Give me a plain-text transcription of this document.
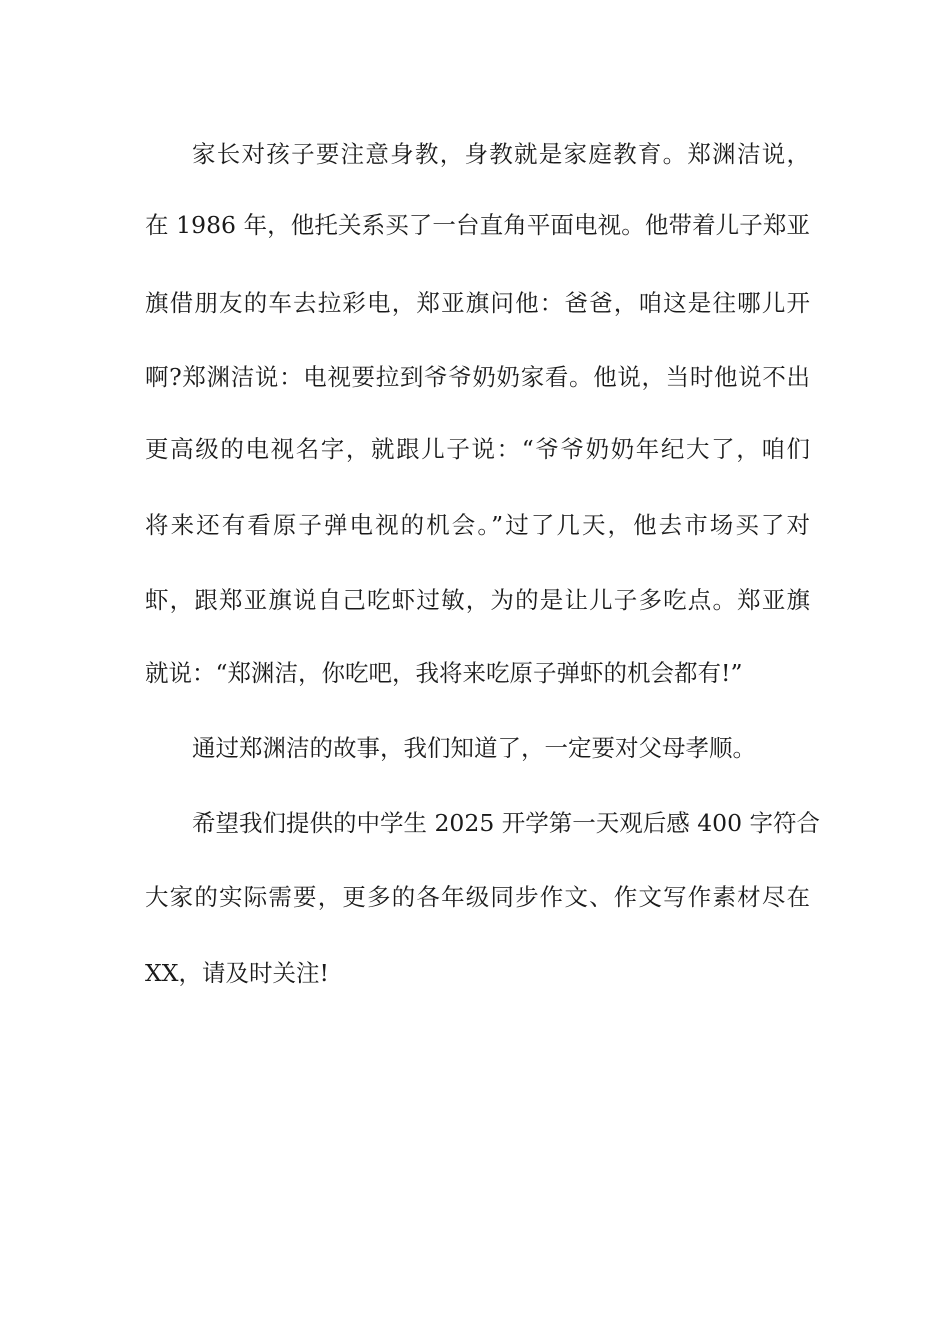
家长对孩子要注意身教，身教就是家庭教育。郑渊洁说，
在 1986 年，他托关系买了一台直角平面电视。他带着儿子郑亚
旗借朋友的车去拉彩电，郑亚旗问他：爸爸，咱这是往哪儿开
啊?郑渊洁说：电视要拉到爷爷奶奶家看。他说，当时他说不出
更高级的电视名字，就跟儿子说：“爷爷奶奶年纪大了，咱们
将来还有看原子弹电视的机会。”过了几天，他去市场买了对
虾，跟郑亚旗说自己吃虾过敏，为的是让儿子多吃点。郑亚旗
就说：“郑渊洁，你吃吧，我将来吃原子弹虾的机会都有!”
通过郑渊洁的故事，我们知道了，一定要对父母孝顺。
希望我们提供的中学生 2025 开学第一天观后感 400 字符合
大家的实际需要，更多的各年级同步作文、作文写作素材尽在
XX，请及时关注!
